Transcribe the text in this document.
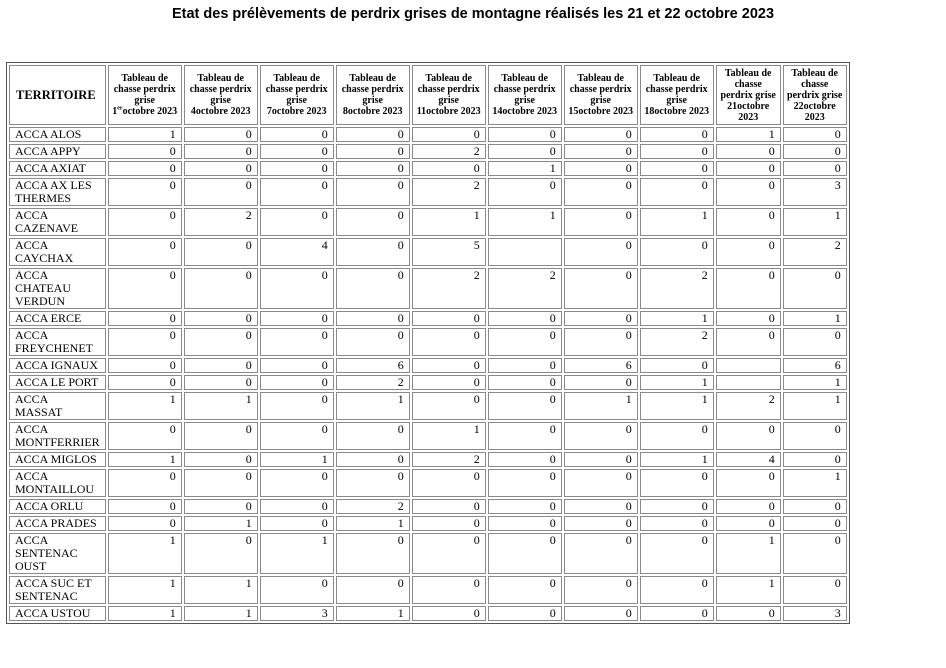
Etat des prélèvements de perdrix grises de montagne réalisés les 21 et 22 octobre 2023
TERRITOIRE	Tableau de
chasse perdrix
grise
1eroctobre 2023	Tableau de
chasse perdrix
grise
4octobre 2023	Tableau de
chasse perdrix
grise
7octobre 2023	Tableau de
chasse perdrix
grise
8octobre 2023	Tableau de
chasse perdrix
grise
11octobre 2023	Tableau de
chasse perdrix
grise
14octobre 2023	Tableau de
chasse perdrix
grise
15octobre 2023	Tableau de
chasse perdrix
grise
18octobre 2023	Tableau de
chasse
perdrix grise
21octobre
2023	Tableau de
chasse
perdrix grise
22octobre
2023
ACCA ALOS	1	0	0	0	0	0	0	0	1	0
ACCA APPY	0	0	0	0	2	0	0	0	0	0
ACCA AXIAT	0	0	0	0	0	1	0	0	0	0
ACCA AX LES
THERMES	0	0	0	0	2	0	0	0	0	3
ACCA
CAZENAVE	0	2	0	0	1	1	0	1	0	1
ACCA
CAYCHAX	0	0	4	0	5		0	0	0	2
ACCA
CHATEAU
VERDUN	0	0	0	0	2	2	0	2	0	0
ACCA ERCE	0	0	0	0	0	0	0	1	0	1
ACCA
FREYCHENET	0	0	0	0	0	0	0	2	0	0
ACCA IGNAUX	0	0	0	6	0	0	6	0		6
ACCA LE PORT	0	0	0	2	0	0	0	1		1
ACCA
MASSAT	1	1	0	1	0	0	1	1	2	1
ACCA
MONTFERRIER	0	0	0	0	1	0	0	0	0	0
ACCA MIGLOS	1	0	1	0	2	0	0	1	4	0
ACCA
MONTAILLOU	0	0	0	0	0	0	0	0	0	1
ACCA ORLU	0	0	0	2	0	0	0	0	0	0
ACCA PRADES	0	1	0	1	0	0	0	0	0	0
ACCA
SENTENAC
OUST	1	0	1	0	0	0	0	0	1	0
ACCA SUC ET
SENTENAC	1	1	0	0	0	0	0	0	1	0
ACCA USTOU	1	1	3	1	0	0	0	0	0	3
